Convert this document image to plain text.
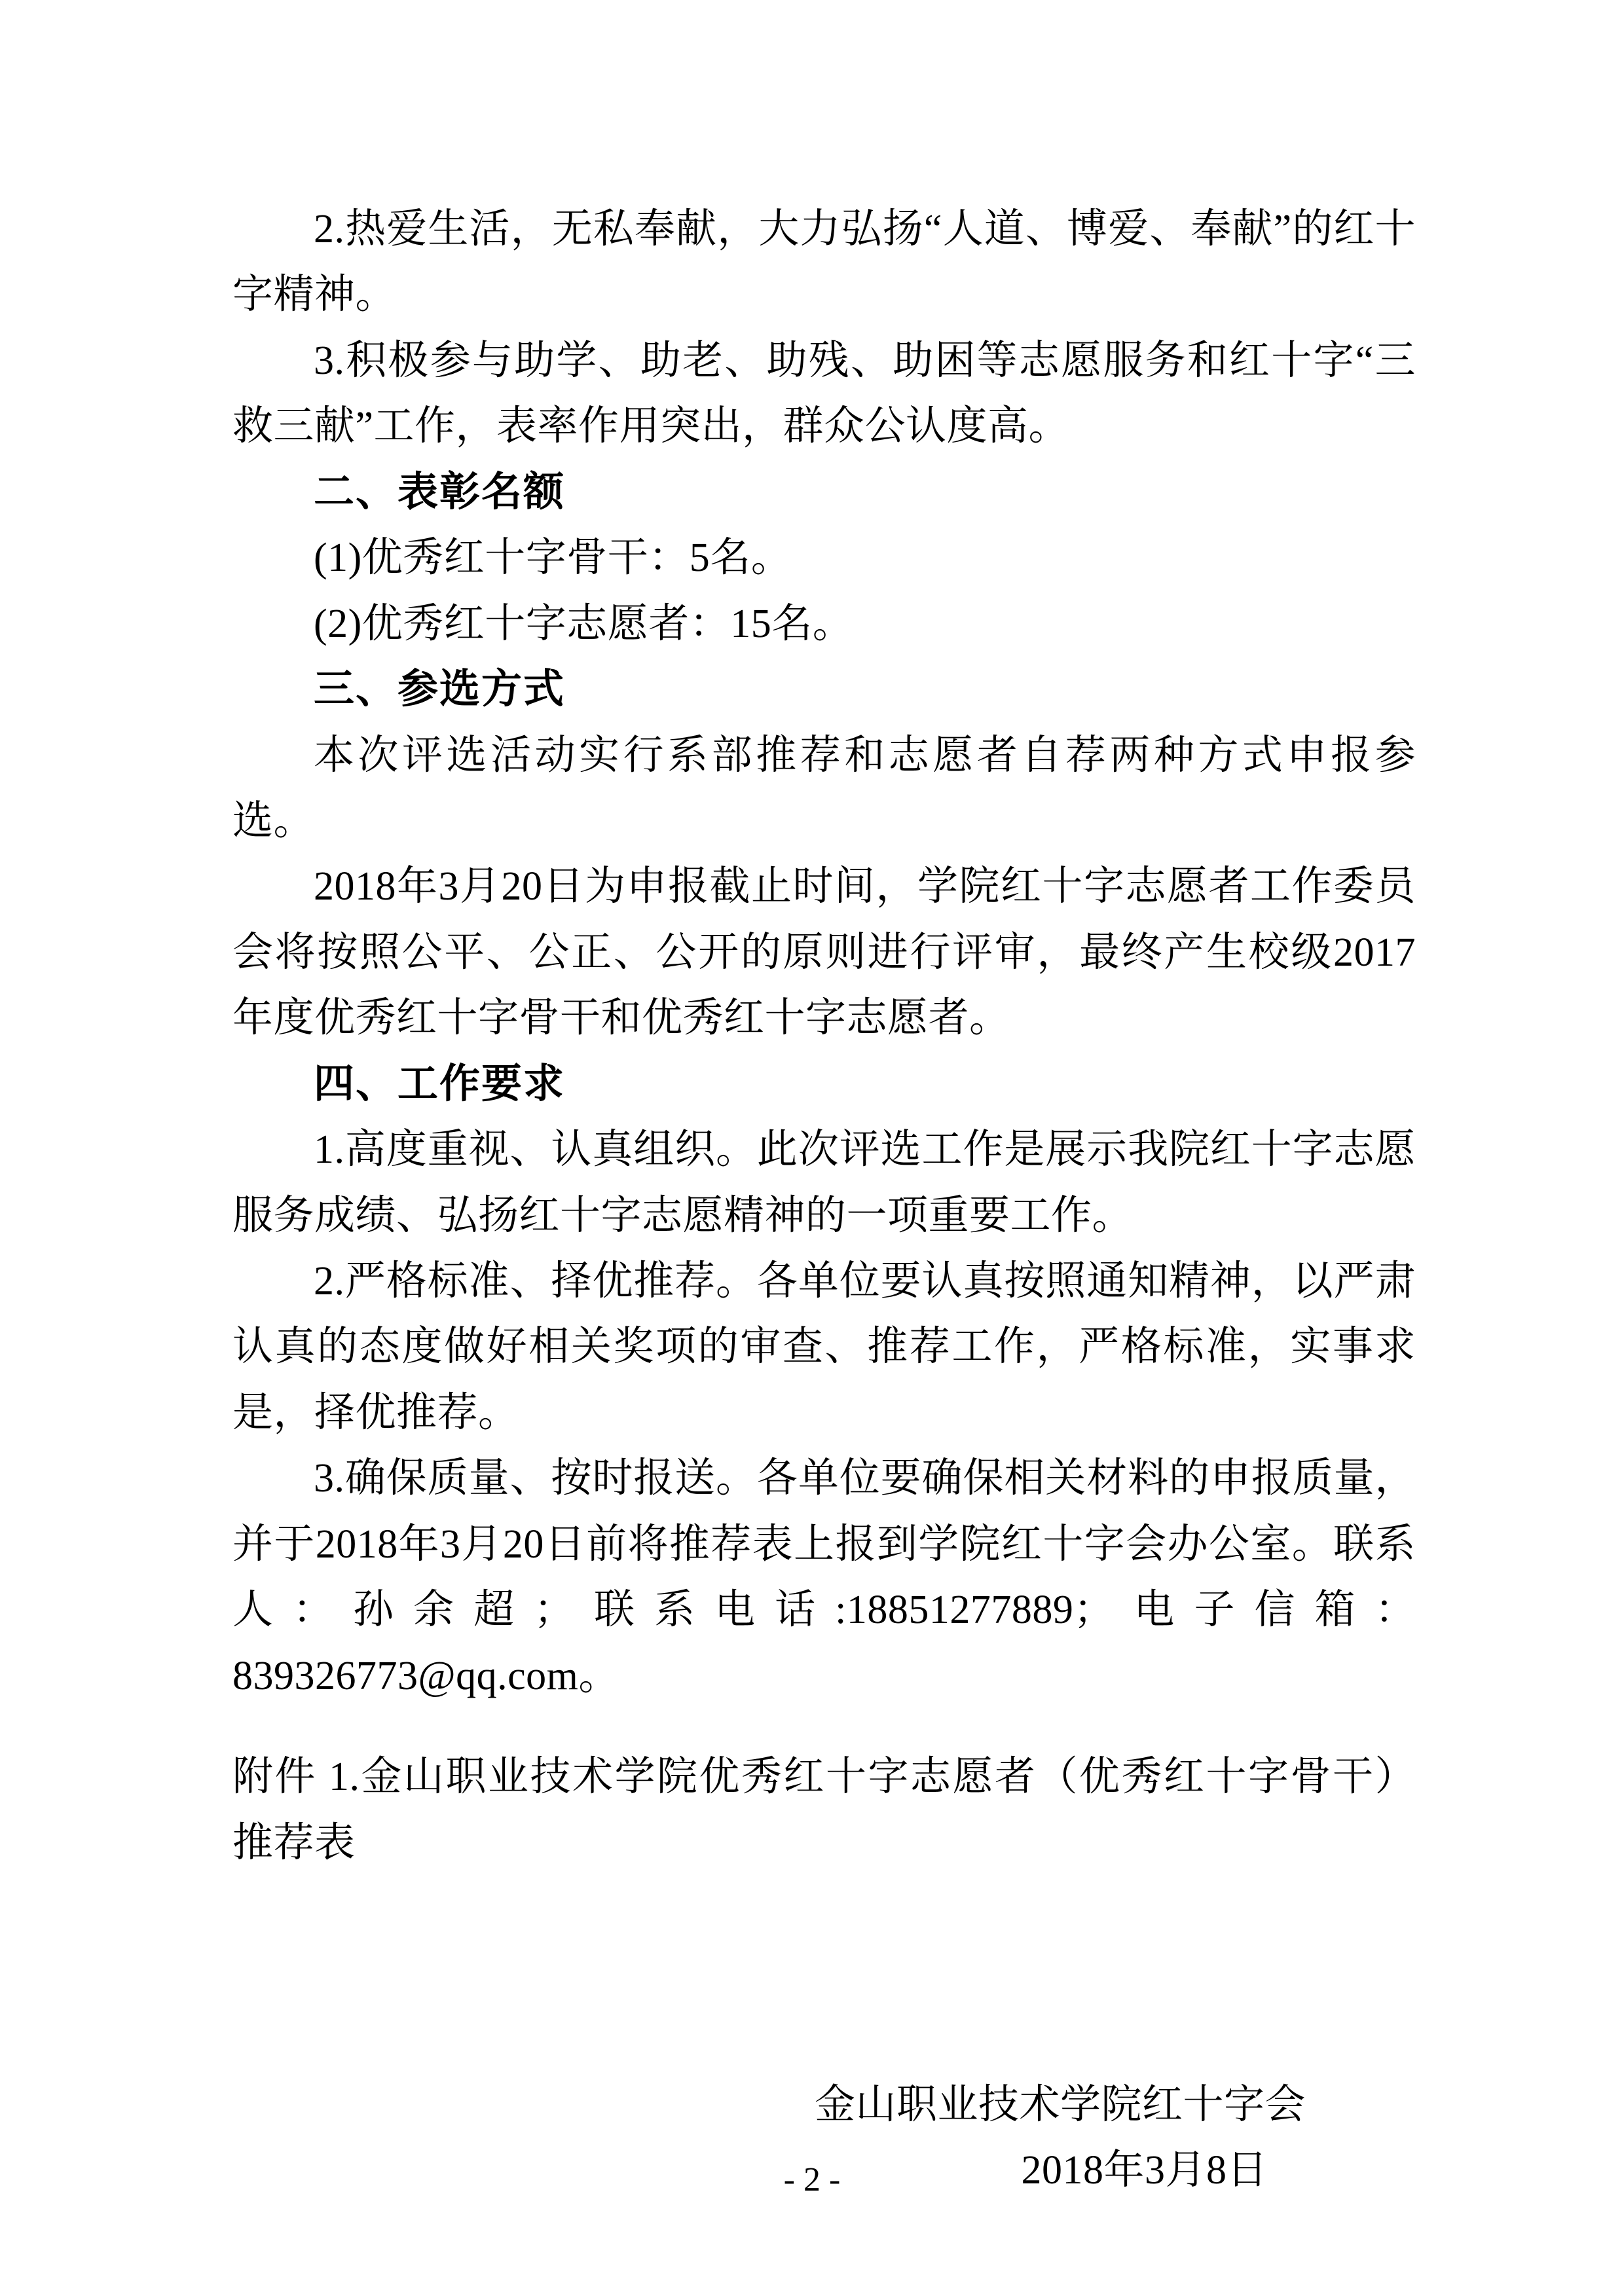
2.热爱生活，无私奉献，大力弘扬“人道、博爱、奉献”的红十字精神。

3.积极参与助学、助老、助残、助困等志愿服务和红十字“三救三献”工作，表率作用突出，群众公认度高。

二、表彰名额

(1)优秀红十字骨干：5名。

(2)优秀红十字志愿者：15名。

三、参选方式

本次评选活动实行系部推荐和志愿者自荐两种方式申报参选。

2018年3月20日为申报截止时间，学院红十字志愿者工作委员会将按照公平、公正、公开的原则进行评审，最终产生校级2017年度优秀红十字骨干和优秀红十字志愿者。

四、工作要求

1.高度重视、认真组织。此次评选工作是展示我院红十字志愿服务成绩、弘扬红十字志愿精神的一项重要工作。

2.严格标准、择优推荐。各单位要认真按照通知精神，以严肃认真的态度做好相关奖项的审查、推荐工作，严格标准，实事求是，择优推荐。

3.确保质量、按时报送。各单位要确保相关材料的申报质量，并于2018年3月20日前将推荐表上报到学院红十字会办公室。联系人：孙余超；联系电话:18851277889；电子信箱：839326773@qq.com。

附件 1.金山职业技术学院优秀红十字志愿者（优秀红十字骨干）推荐表

金山职业技术学院红十字会

2018年3月8日

- 2 -
